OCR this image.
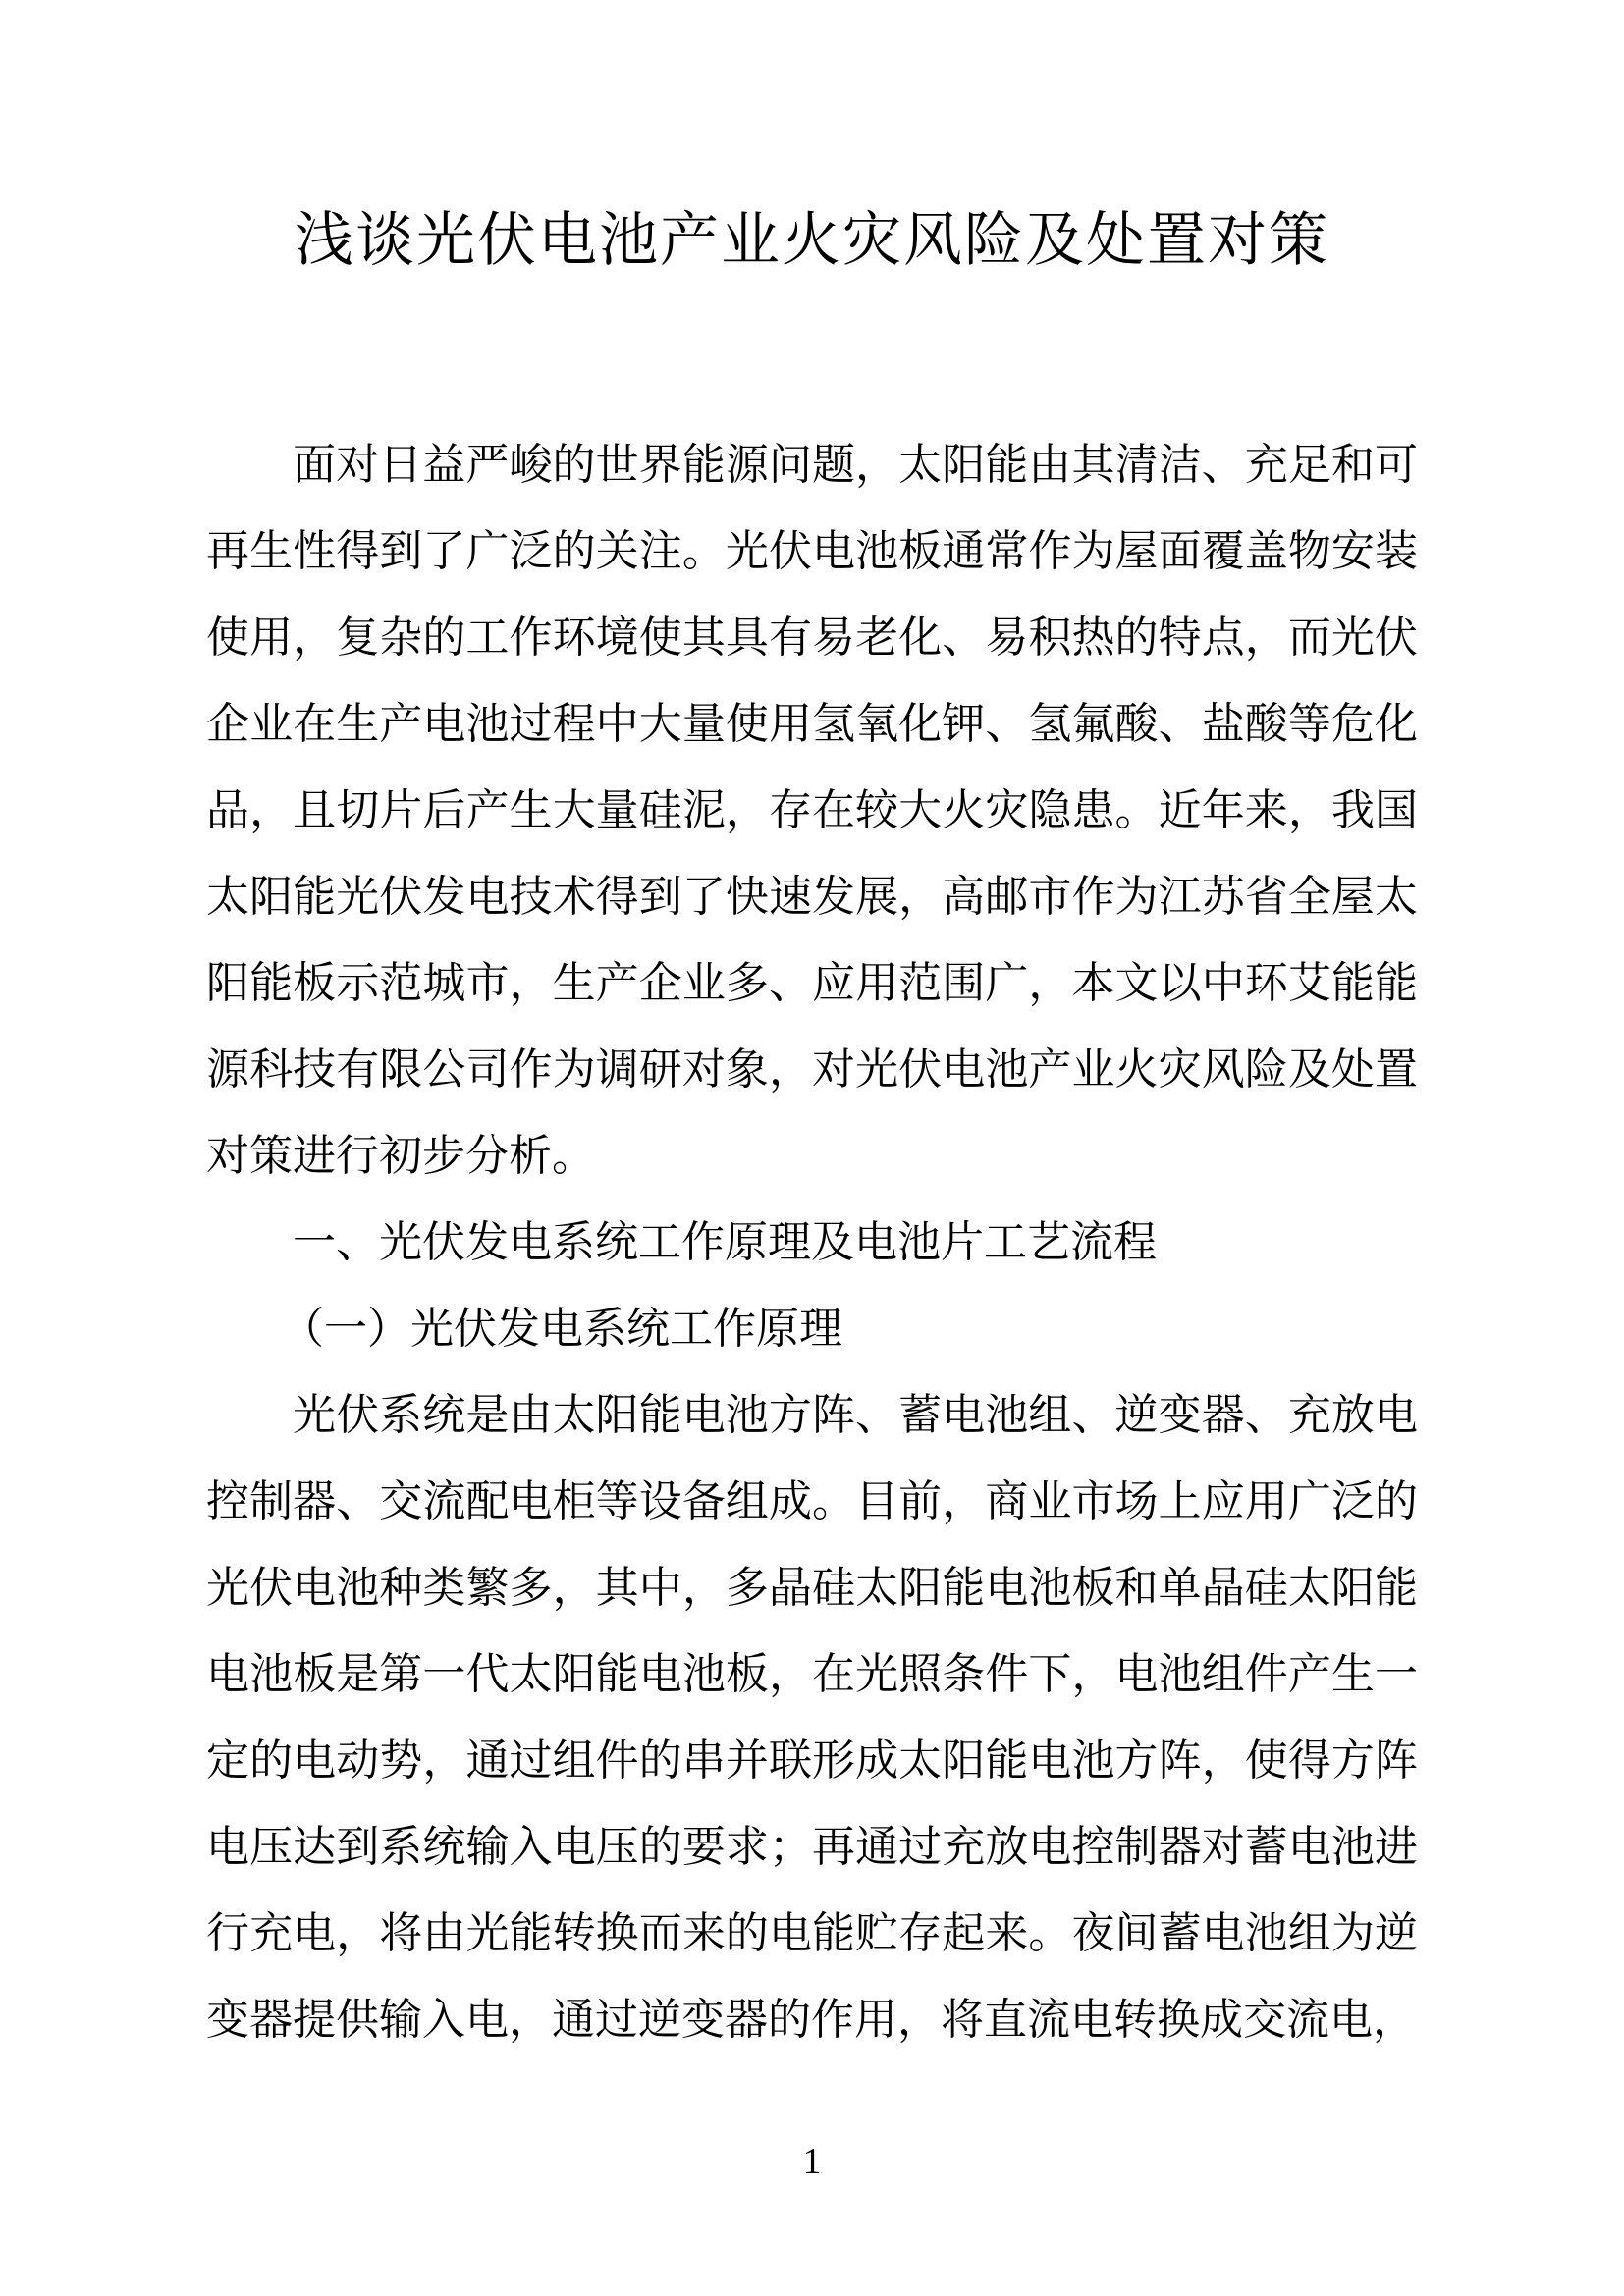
浅谈光伏电池产业火灾风险及处置对策

面对日益严峻的世界能源问题，太阳能由其清洁、充足和可再生性得到了广泛的关注。光伏电池板通常作为屋面覆盖物安装使用，复杂的工作环境使其具有易老化、易积热的特点，而光伏企业在生产电池过程中大量使用氢氧化钾、氢氟酸、盐酸等危化品，且切片后产生大量硅泥，存在较大火灾隐患。近年来，我国太阳能光伏发电技术得到了快速发展，高邮市作为江苏省全屋太阳能板示范城市，生产企业多、应用范围广，本文以中环艾能能源科技有限公司作为调研对象，对光伏电池产业火灾风险及处置对策进行初步分析。

一、光伏发电系统工作原理及电池片工艺流程

（一）光伏发电系统工作原理

光伏系统是由太阳能电池方阵、蓄电池组、逆变器、充放电控制器、交流配电柜等设备组成。目前，商业市场上应用广泛的光伏电池种类繁多，其中，多晶硅太阳能电池板和单晶硅太阳能电池板是第一代太阳能电池板，在光照条件下，电池组件产生一定的电动势，通过组件的串并联形成太阳能电池方阵，使得方阵电压达到系统输入电压的要求；再通过充放电控制器对蓄电池进行充电，将由光能转换而来的电能贮存起来。夜间蓄电池组为逆变器提供输入电，通过逆变器的作用，将直流电转换成交流电，

1
